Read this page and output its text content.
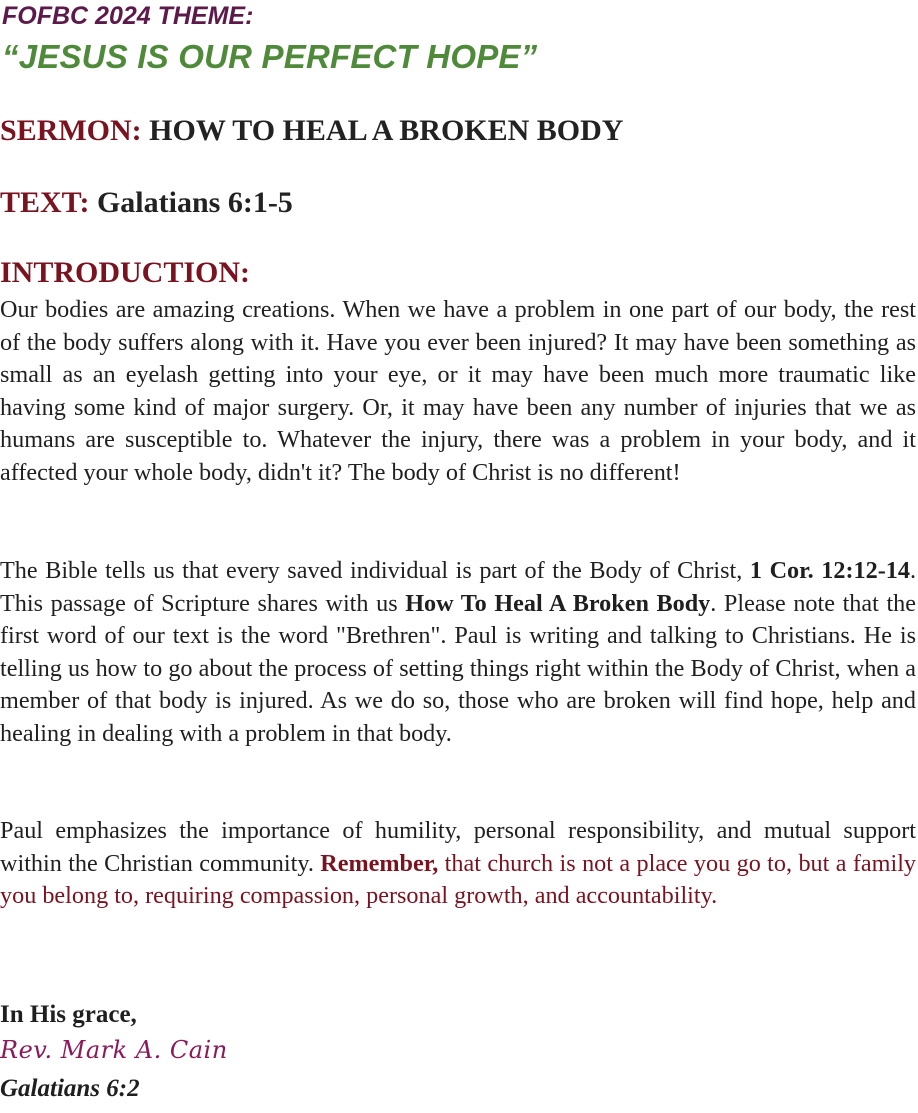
FOFBC 2024 THEME:

“JESUS IS OUR PERFECT HOPE”

SERMON: HOW TO HEAL A BROKEN BODY

TEXT: Galatians 6:1-5

INTRODUCTION:

Our bodies are amazing creations. When we have a problem in one part of our body, the rest of the body suffers along with it. Have you ever been injured? It may have been something as small as an eyelash getting into your eye, or it may have been much more traumatic like having some kind of major surgery. Or, it may have been any number of injuries that we as humans are susceptible to. Whatever the injury, there was a problem in your body, and it affected your whole body, didn't it? The body of Christ is no different!

The Bible tells us that every saved individual is part of the Body of Christ, 1 Cor. 12:12-14. This passage of Scripture shares with us How To Heal A Broken Body. Please note that the first word of our text is the word "Brethren". Paul is writing and talking to Christians. He is telling us how to go about the process of setting things right within the Body of Christ, when a member of that body is injured. As we do so, those who are broken will find hope, help and healing in dealing with a problem in that body.

Paul emphasizes the importance of humility, personal responsibility, and mutual support within the Christian community. Remember, that church is not a place you go to, but a family you belong to, requiring compassion, personal growth, and accountability.

In His grace,

Rev. Mark A. Cain

Galatians 6:2
